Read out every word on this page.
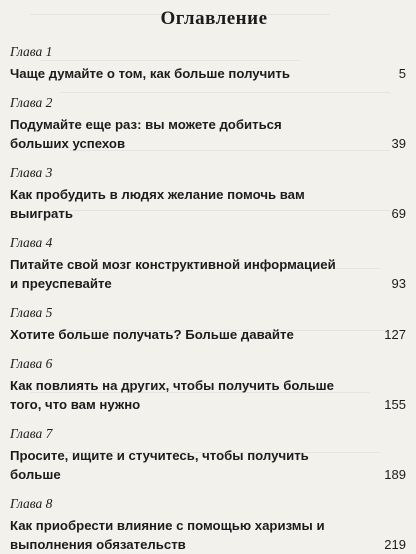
Оглавление
Глава 1
Чаще думайте о том, как больше получить	5
Глава 2
Подумайте еще раз: вы можете добиться больших успехов	39
Глава 3
Как пробудить в людях желание помочь вам выиграть	69
Глава 4
Питайте свой мозг конструктивной информацией и преуспевайте	93
Глава 5
Хотите больше получать? Больше давайте	127
Глава 6
Как повлиять на других, чтобы получить больше того, что вам нужно	155
Глава 7
Просите, ищите и стучитесь, чтобы получить больше	189
Глава 8
Как приобрести влияние с помощью харизмы и выполнения обязательств	219
